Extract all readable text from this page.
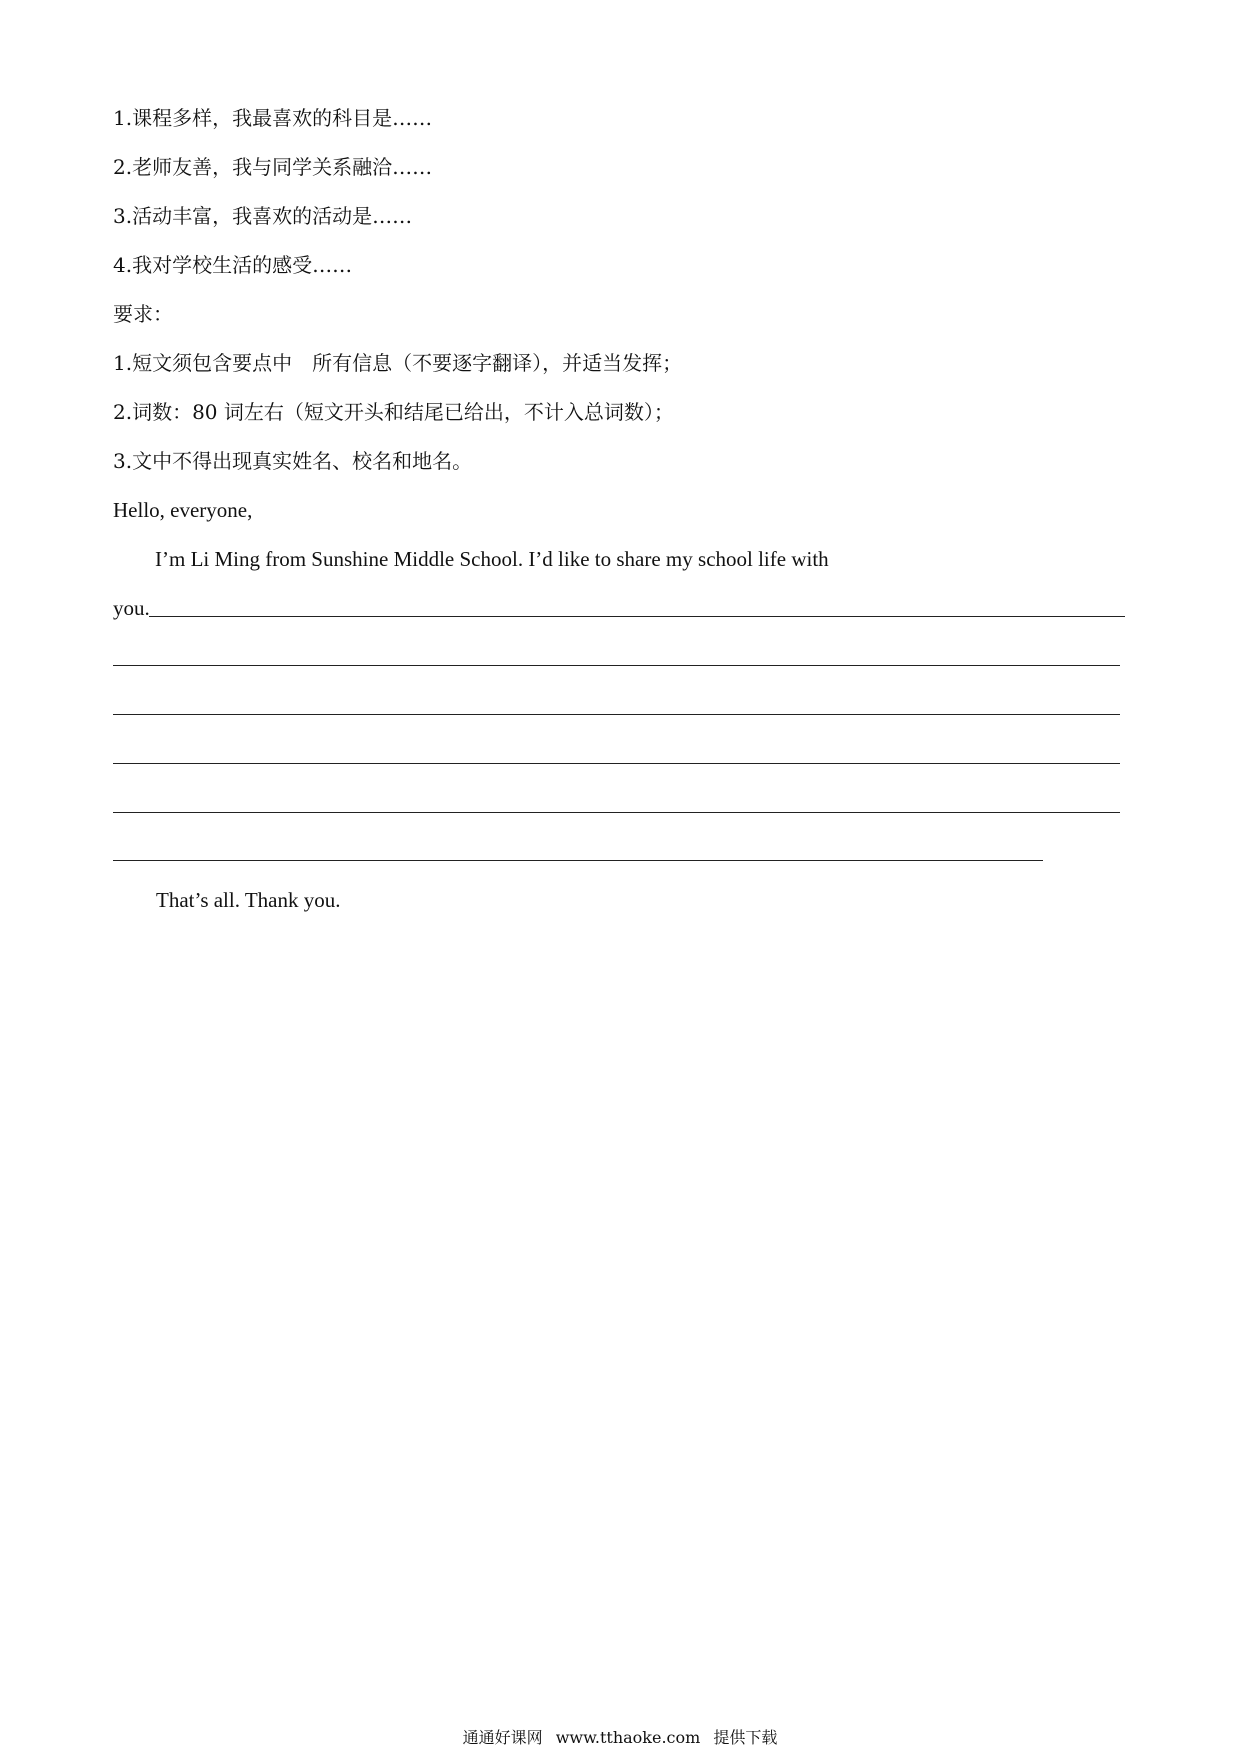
1.课程多样，我最喜欢的科目是……
2.老师友善，我与同学关系融洽……
3.活动丰富，我喜欢的活动是……
4.我对学校生活的感受……
要求：
1.短文须包含要点中　所有信息（不要逐字翻译），并适当发挥；
2.词数：80 词左右（短文开头和结尾已给出，不计入总词数）；
3.文中不得出现真实姓名、校名和地名。
Hello, everyone,
I’m Li Ming from Sunshine Middle School. I’d like to share my school life with
you.
That’s all. Thank you.
通通好课网 www.tthaoke.com 提供下载
